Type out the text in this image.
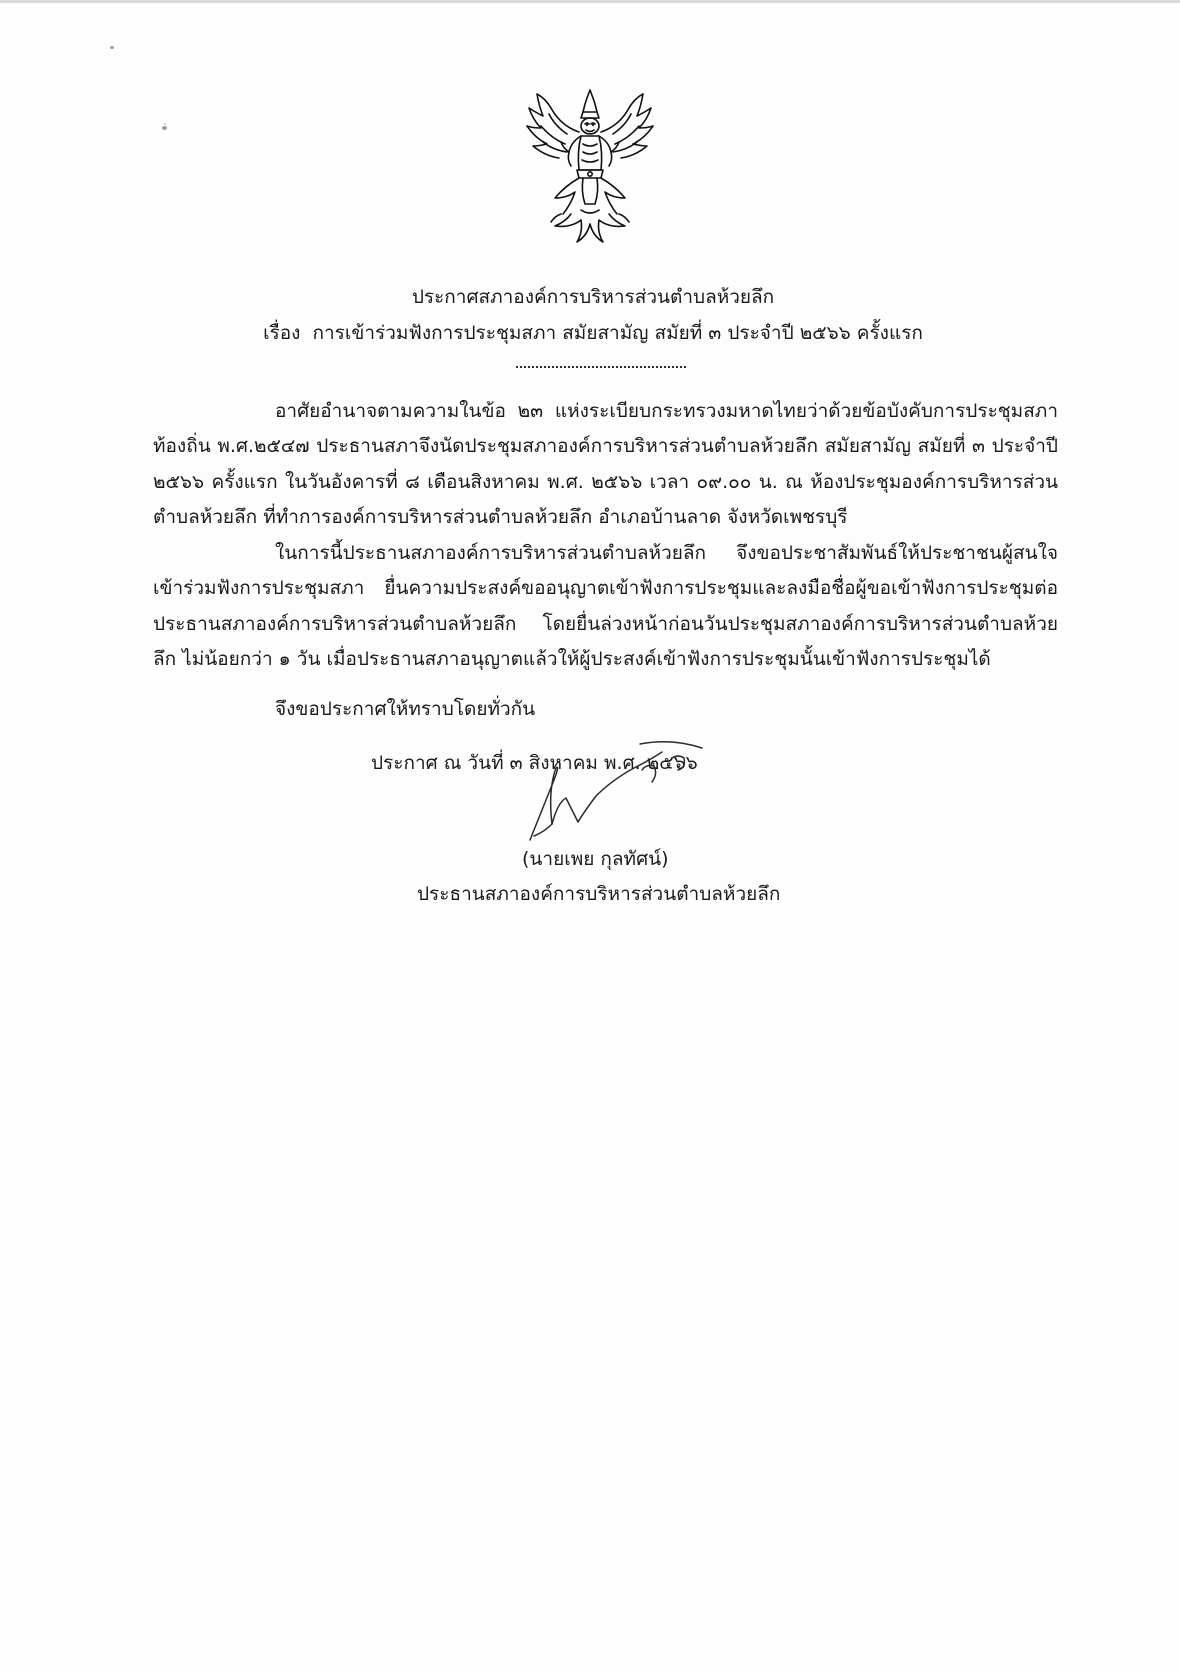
ประกาศสภาองค์การบริหารส่วนตำบลห้วยลึก
เรื่อง การเข้าร่วมฟังการประชุมสภา สมัยสามัญ สมัยที่ ๓ ประจำปี ๒๕๖๖ ครั้งแรก
อาศัยอำนาจตามความในข้อ ๒๓ แห่งระเบียบกระทรวงมหาดไทยว่าด้วยข้อบังคับการประชุมสภาท้องถิ่น พ.ศ.๒๕๔๗ ประธานสภาจึงนัดประชุมสภาองค์การบริหารส่วนตำบลห้วยลึก สมัยสามัญ สมัยที่ ๓ ประจำปี ๒๕๖๖ ครั้งแรก ในวันอังคารที่ ๘ เดือนสิงหาคม พ.ศ. ๒๕๖๖ เวลา ๐๙.๐๐ น. ณ ห้องประชุมองค์การบริหารส่วนตำบลห้วยลึก ที่ทำการองค์การบริหารส่วนตำบลห้วยลึก อำเภอบ้านลาด จังหวัดเพชรบุรี
ในการนี้ประธานสภาองค์การบริหารส่วนตำบลห้วยลึก จึงขอประชาสัมพันธ์ให้ประชาชนผู้สนใจเข้าร่วมฟังการประชุมสภา ยื่นความประสงค์ขออนุญาตเข้าฟังการประชุมและลงมือชื่อผู้ขอเข้าฟังการประชุมต่อประธานสภาองค์การบริหารส่วนตำบลห้วยลึก โดยยื่นล่วงหน้าก่อนวันประชุมสภาองค์การบริหารส่วนตำบลห้วยลึก ไม่น้อยกว่า ๑ วัน เมื่อประธานสภาอนุญาตแล้วให้ผู้ประสงค์เข้าฟังการประชุมนั้นเข้าฟังการประชุมได้
จึงขอประกาศให้ทราบโดยทั่วกัน
ประกาศ ณ วันที่ ๓ สิงหาคม พ.ศ. ๒๕๖๖
(นายเพย กุลทัศน์)
ประธานสภาองค์การบริหารส่วนตำบลห้วยลึก
